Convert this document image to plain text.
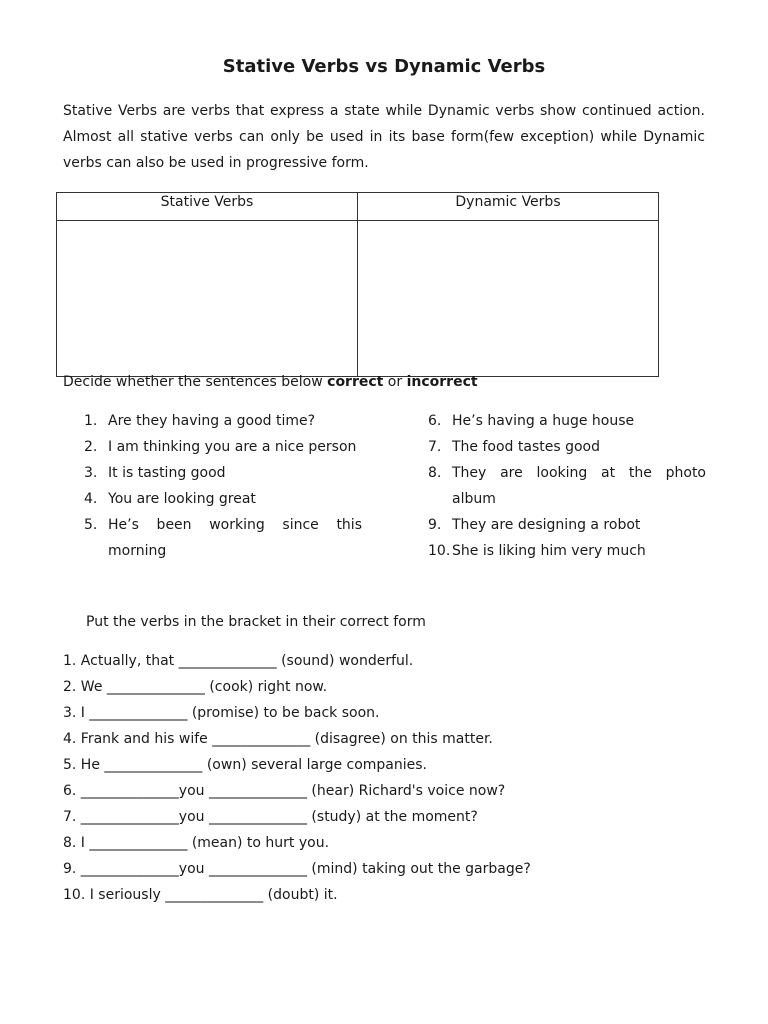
Stative Verbs vs Dynamic Verbs
Stative Verbs are verbs that express a state while Dynamic verbs show continued action. Almost all stative verbs can only be used in its base form(few exception) while Dynamic verbs can also be used in progressive form.
Stative Verbs	Dynamic Verbs

Decide whether the sentences below correct or incorrect
1. Are they having a good time?
2. I am thinking you are a nice person
3. It is tasting good
4. You are looking great
5. He’s been working since this morning
6. He’s having a huge house
7. The food tastes good
8. They are looking at the photo album
9. They are designing a robot
10. She is liking him very much
Put the verbs in the bracket in their correct form
1. Actually, that ______________ (sound) wonderful.
2. We ______________ (cook) right now.
3. I ______________ (promise) to be back soon.
4. Frank and his wife ______________ (disagree) on this matter.
5. He ______________ (own) several large companies.
6. ______________you ______________ (hear) Richard's voice now?
7. ______________you ______________ (study) at the moment?
8. I ______________ (mean) to hurt you.
9. ______________you ______________ (mind) taking out the garbage?
10. I seriously ______________ (doubt) it.
